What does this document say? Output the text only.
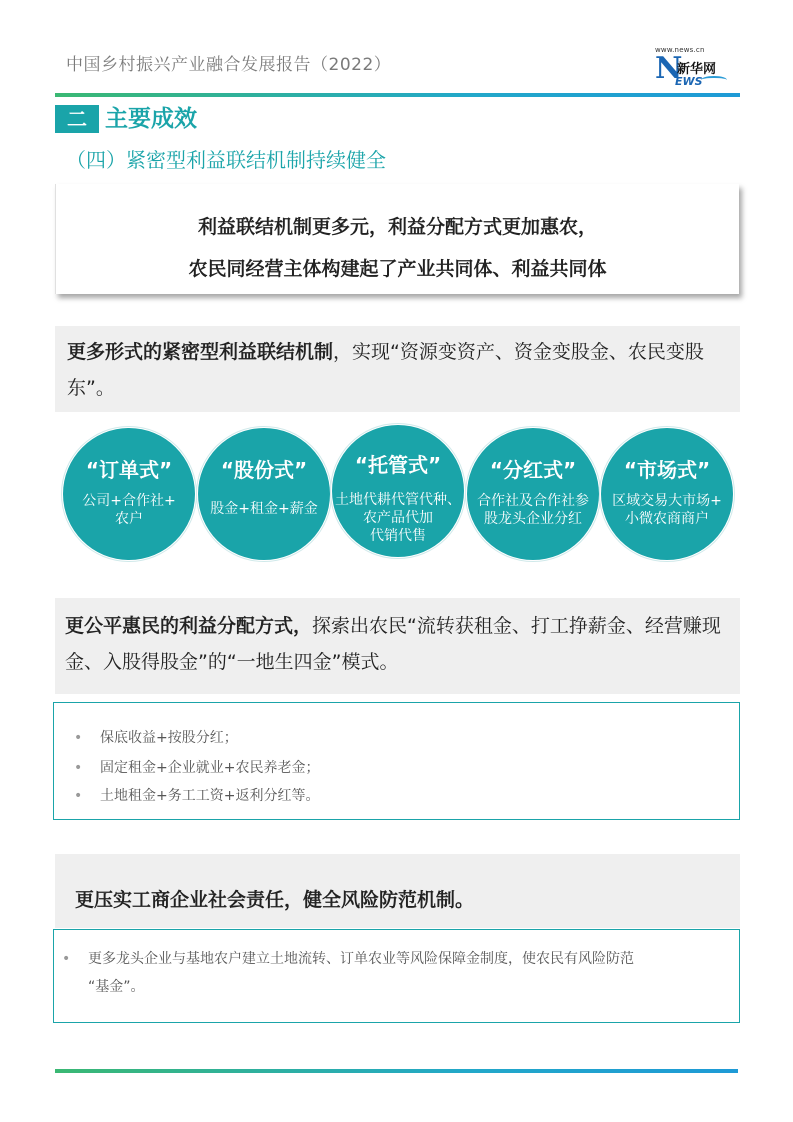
中国乡村振兴产业融合发展报告（2022）
www.news.cn
N
新华网
EWS
二 主要成效
（四）紧密型利益联结机制持续健全
利益联结机制更多元，利益分配方式更加惠农，
农民同经营主体构建起了产业共同体、利益共同体
更多形式的紧密型利益联结机制，实现“资源变资产、资金变股金、农民变股东”。
“订单式”
公司+合作社+
农户
“股份式”
股金+租金+薪金
“托管式”
土地代耕代管代种、
农产品代加
代销代售
“分红式”
合作社及合作社参
股龙头企业分红
“市场式”
区域交易大市场+
小微农商商户
更公平惠民的利益分配方式，探索出农民“流转获租金、打工挣薪金、经营赚现金、入股得股金”的“一地生四金”模式。
• 保底收益+按股分红；
• 固定租金+企业就业+农民养老金；
• 土地租金+务工工资+返利分红等。
更压实工商企业社会责任，健全风险防范机制。
• 更多龙头企业与基地农户建立土地流转、订单农业等风险保障金制度，使农民有风险防范
“基金”。
